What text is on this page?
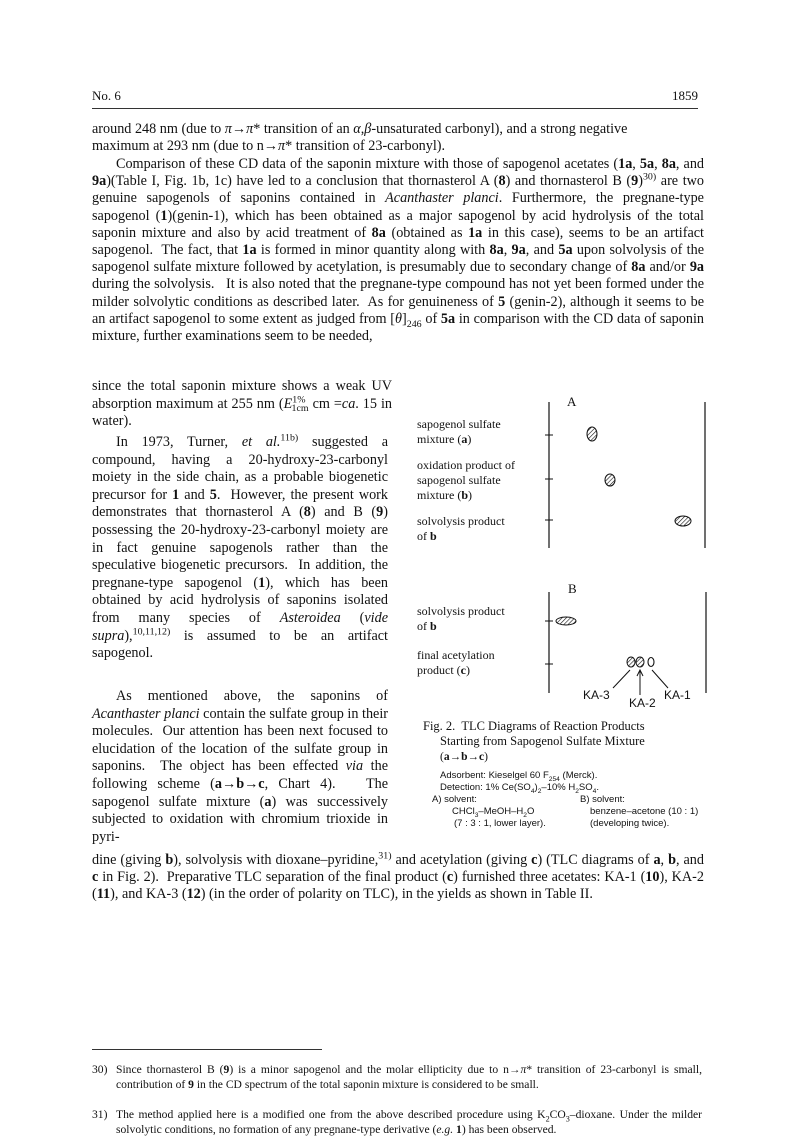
No. 6	1859

around 248 nm (due to π→π* transition of an α,β-unsaturated carbonyl), and a strong negative

maximum at 293 nm (due to n→π* transition of 23-carbonyl).

Comparison of these CD data of the saponin mixture with those of sapogenol acetates (1a, 5a, 8a, and 9a)(Table I, Fig. 1b, 1c) have led to a conclusion that thornasterol A (8) and thornasterol B $(9)^{30)}$ are two genuine sapogenols of saponins contained in Acanthaster planci. Furthermore, the pregnane-type sapogenol (1)(genin-1), which has been obtained as a major sapogenol by acid hydrolysis of the total saponin mixture and also by acid treatment of 8a (obtained as 1a in this case), seems to be an artifact sapogenol.  The fact, that 1a is formed in minor quantity along with 8a, 9a, and 5a upon solvolysis of the sapogenol sulfate mixture followed by acetylation, is presumably due to secondary change of 8a and/or 9a during the solvolysis.   It is also noted that the pregnane-type compound has not yet been formed under the milder solvolytic conditions as described later.  As for genuineness of 5 (genin-2), although it seems to be an artifact sapogenol to some extent as judged from $[\theta]_{246}$ of 5a in comparison with the CD data of saponin mixture, further examinations seem to be needed,

since the total saponin mixture shows a weak UV absorption maximum at 255 nm ($E^{1\%}_{1cm}$ cm =ca. 15 in water).

In 1973, Turner, et al.$^{11b)}$ suggested a compound, having a 20-hydroxy-23-carbonyl moiety in the side chain, as a probable biogenetic precursor for 1 and 5.  However, the present work demonstrates that thornasterol A (8) and B (9) possessing the 20-hydroxy-23-carbonyl moiety are in fact genuine sapogenols rather than the speculative biogenetic precursors.  In addition, the pregnane-type sapogenol (1), which has been obtained by acid hydrolysis of saponins isolated from many species of Asteroidea (vide supra),$^{10,11,12)}$ is assumed to be an artifact sapogenol.

As mentioned above, the saponins of Acanthaster planci contain the sulfate group in their molecules.  Our attention has been next focused to elucidation of the location of the sulfate group in saponins.  The object has been effected via the following scheme (a→b→c, Chart 4).   The sapogenol sulfate mixture (a) was successively subjected to oxidation with chromium trioxide in pyri-

dine (giving b), solvolysis with dioxane–pyridine,$^{31)}$ and acetylation (giving c) (TLC diagrams of a, b, and c in Fig. 2).  Preparative TLC separation of the final product (c) furnished three acetates: KA-1 (10), KA-2 (11), and KA-3 (12) (in the order of polarity on TLC), in the yields as shown in Table II.

A
sapogenol sulfate
mixture (a)
oxidation product of
sapogenol sulfate
mixture (b)
solvolysis product
of b
B
solvolysis product
of b
final acetylation
product (c)
KA-3
KA-2
KA-1
Fig. 2.  TLC Diagrams of Reaction Products
Starting from Sapogenol Sulfate Mixture
(a→b→c)
Adsorbent: Kieselgel 60 $F_{254}$ (Merck).
Detection: 1% $Ce(SO_4)_2-10\%$ $H_2SO_4$.
A) solvent:	B) solvent:
$CHCl_3-MeOH-H_2O$	benzene–acetone (10 : 1)
(7 : 3 : 1, lower layer).	(developing twice).
30) Since thornasterol B (9) is a minor sapogenol and the molar ellipticity due to n→π* transition of 23-carbonyl is small, contribution of 9 in the CD spectrum of the total saponin mixture is considered to be small.
31) The method applied here is a modified one from the above described procedure using $K_2CO_3$–dioxane. Under the milder solvolytic conditions, no formation of any pregnane-type derivative (e.g. 1) has been observed.
